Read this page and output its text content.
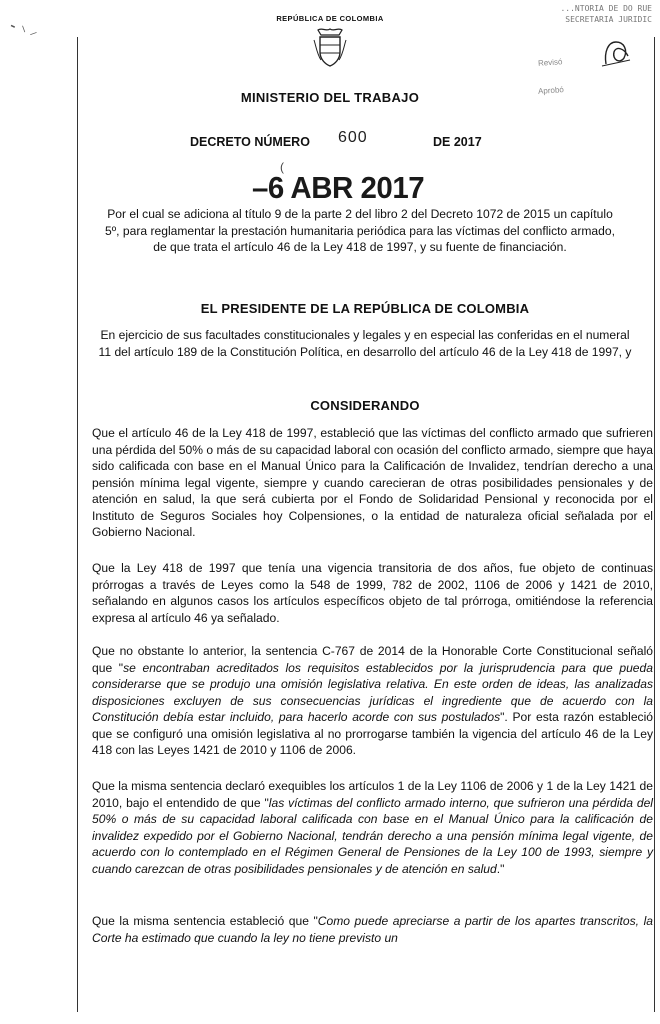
⁃ ⸌ ⸍	REPÚBLICA DE COLOMBIA
...NTORIA DE DO RUE
SECRETARIA JURIDIC
Revisó
Aprobó
MINISTERIO DEL TRABAJO
DECRETO NÚMERO 600	DE 2017
(
–6 ABR 2017

Por el cual se adiciona al título 9 de la parte 2 del libro 2 del Decreto 1072 de 2015 un capítulo 5º, para reglamentar la prestación humanitaria periódica para las víctimas del conflicto armado, de que trata el artículo 46 de la Ley 418 de 1997, y su fuente de financiación.

EL PRESIDENTE DE LA REPÚBLICA DE COLOMBIA

En ejercicio de sus facultades constitucionales y legales y en especial las conferidas en el numeral 11 del artículo 189 de la Constitución Política, en desarrollo del artículo 46 de la Ley 418 de 1997, y

CONSIDERANDO

Que el artículo 46 de la Ley 418 de 1997, estableció que las víctimas del conflicto armado que sufrieren una pérdida del 50% o más de su capacidad laboral con ocasión del conflicto armado, siempre que haya sido calificada con base en el Manual Único para la Calificación de Invalidez, tendrían derecho a una pensión mínima legal vigente, siempre y cuando carecieran de otras posibilidades pensionales y de atención en salud, la que será cubierta por el Fondo de Solidaridad Pensional y reconocida por el Instituto de Seguros Sociales hoy Colpensiones, o la entidad de naturaleza oficial señalada por el Gobierno Nacional.

Que la Ley 418 de 1997 que tenía una vigencia transitoria de dos años, fue objeto de continuas prórrogas a través de Leyes como la 548 de 1999, 782 de 2002, 1106 de 2006 y 1421 de 2010, señalando en algunos casos los artículos específicos objeto de tal prórroga, omitiéndose la referencia expresa al artículo 46 ya señalado.

Que no obstante lo anterior, la sentencia C-767 de 2014 de la Honorable Corte Constitucional señaló que "se encontraban acreditados los requisitos establecidos por la jurisprudencia para que pueda considerarse que se produjo una omisión legislativa relativa. En este orden de ideas, las analizadas disposiciones excluyen de sus consecuencias jurídicas el ingrediente que de acuerdo con la Constitución debía estar incluido, para hacerlo acorde con sus postulados". Por esta razón estableció que se configuró una omisión legislativa al no prorrogarse también la vigencia del artículo 46 de la Ley 418 con las Leyes 1421 de 2010 y 1106 de 2006.

Que la misma sentencia declaró exequibles los artículos 1 de la Ley 1106 de 2006 y 1 de la Ley 1421 de 2010, bajo el entendido de que "las víctimas del conflicto armado interno, que sufrieron una pérdida del 50% o más de su capacidad laboral calificada con base en el Manual Único para la calificación de invalidez expedido por el Gobierno Nacional, tendrán derecho a una pensión mínima legal vigente, de acuerdo con lo contemplado en el Régimen General de Pensiones de la Ley 100 de 1993, siempre y cuando carezcan de otras posibilidades pensionales y de atención en salud."

Que la misma sentencia estableció que "Como puede apreciarse a partir de los apartes transcritos, la Corte ha estimado que cuando la ley no tiene previsto un
